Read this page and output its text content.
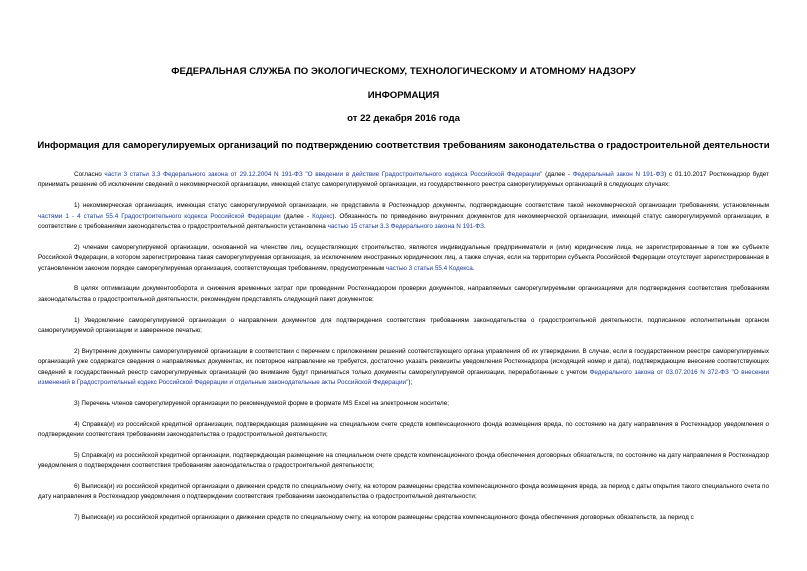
ФЕДЕРАЛЬНАЯ СЛУЖБА ПО ЭКОЛОГИЧЕСКОМУ, ТЕХНОЛОГИЧЕСКОМУ И АТОМНОМУ НАДЗОРУ
ИНФОРМАЦИЯ
от 22 декабря 2016 года
Информация для саморегулируемых организаций по подтверждению соответствия требованиям законодательства о градостроительной деятельности

Согласно части 3 статьи 3.3 Федерального закона от 29.12.2004 N 191-ФЗ "О введении в действие Градостроительного кодекса Российской Федерации" (далее - Федеральный закон N 191-ФЗ) с 01.10.2017 Ростехнадзор будет принимать решение об исключении сведений о некоммерческой организации, имеющей статус саморегулируемой организации, из государственного реестра саморегулируемых организаций в следующих случаях:

1) некоммерческая организация, имеющая статус саморегулируемой организации, не представила в Ростехнадзор документы, подтверждающие соответствие такой некоммерческой организации требованиям, установленным частями 1 - 4 статьи 55.4 Градостроительного кодекса Российской Федерации (далее - Кодекс). Обязанность по приведению внутренних документов для некоммерческой организации, имеющей статус саморегулируемой организации, в соответствие с требованиями законодательства о градостроительной деятельности установлена частью 15 статьи 3.3 Федерального закона N 191-ФЗ.

2) членами саморегулируемой организации, основанной на членстве лиц, осуществляющих строительство, являются индивидуальные предприниматели и (или) юридические лица, не зарегистрированные в том же субъекте Российской Федерации, в котором зарегистрирована такая саморегулируемая организация, за исключением иностранных юридических лиц, а также случая, если на территории субъекта Российской Федерации отсутствует зарегистрированная в установленном законом порядке саморегулируемая организация, соответствующая требованиям, предусмотренным частью 3 статьи 55.4 Кодекса.

В целях оптимизации документооборота и снижения временных затрат при проведении Ростехнадзором проверки документов, направляемых саморегулируемыми организациями для подтверждения соответствия требованиям законодательства о градостроительной деятельности, рекомендуем представлять следующий пакет документов:

1) Уведомление саморегулируемой организации о направлении документов для подтверждения соответствия требованиям законодательства о градостроительной деятельности, подписанное исполнительным органом саморегулируемой организации и заверенное печатью;

2) Внутренние документы саморегулируемой организации в соответствии с перечнем с приложением решений соответствующего органа управления об их утверждении. В случае, если в государственном реестре саморегулируемых организаций уже содержатся сведения о направляемых документах, их повторное направление не требуется, достаточно указать реквизиты уведомления Ростехнадзора (исходящий номер и дата), подтверждающие внесение соответствующих сведений в государственный реестр саморегулируемых организаций (во внимание будут приниматься только документы саморегулируемой организации, переработанные с учетом Федерального закона от 03.07.2016 N 372-ФЗ "О внесении изменений в Градостроительный кодекс Российской Федерации и отдельные законодательные акты Российской Федерации");

3) Перечень членов саморегулируемой организации по рекомендуемой форме в формате MS Excel на электронном носителе;

4) Справка(и) из российской кредитной организации, подтверждающая размещение на специальном счете средств компенсационного фонда возмещения вреда, по состоянию на дату направления в Ростехнадзор уведомления о подтверждении соответствия требованиям законодательства о градостроительной деятельности;

5) Справка(и) из российской кредитной организации, подтверждающая размещение на специальном счете средств компенсационного фонда обеспечения договорных обязательств, по состоянию на дату направления в Ростехнадзор уведомления о подтверждении соответствия требованиям законодательства о градостроительной деятельности;

6) Выписка(и) из российской кредитной организации о движении средств по специальному счету, на котором размещены средства компенсационного фонда возмещения вреда, за период с даты открытия такого специального счета по дату направления в Ростехнадзор уведомления о подтверждении соответствия требованиям законодательства о градостроительной деятельности;

7) Выписка(и) из российской кредитной организации о движении средств по специальному счету, на котором размещены средства компенсационного фонда обеспечения договорных обязательств, за период с
